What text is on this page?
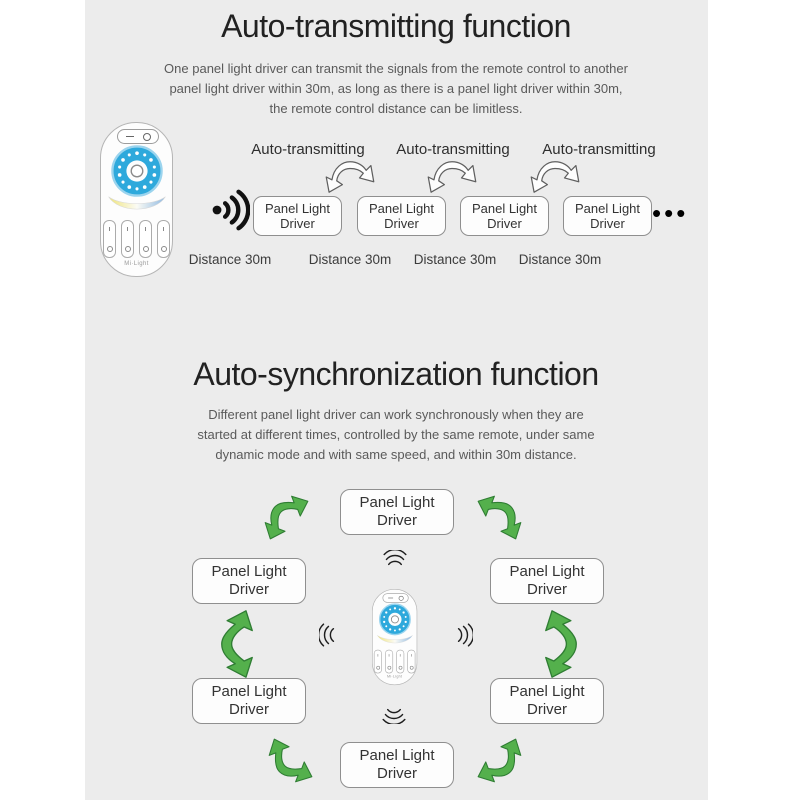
Auto-transmitting function
One panel light driver can transmit the signals from the remote control to another
panel light driver within 30m, as long as there is a panel light driver within 30m,
the remote control distance can be limitless.
Mi·Light
Auto-transmitting Auto-transmitting Auto-transmitting
Panel Light
Driver
Panel Light
Driver
Panel Light
Driver
Panel Light
Driver •••
Distance 30m	Distance 30m Distance 30m Distance 30m
Auto-synchronization function
Different panel light driver can work synchronously when they are
started at different times, controlled by the same remote, under same
dynamic mode and with same speed, and within 30m distance.
Panel Light
Driver
Panel Light
Driver
Panel Light
Driver
Panel Light
Driver
Panel Light
Driver
Panel Light
Driver
Mi·Light
